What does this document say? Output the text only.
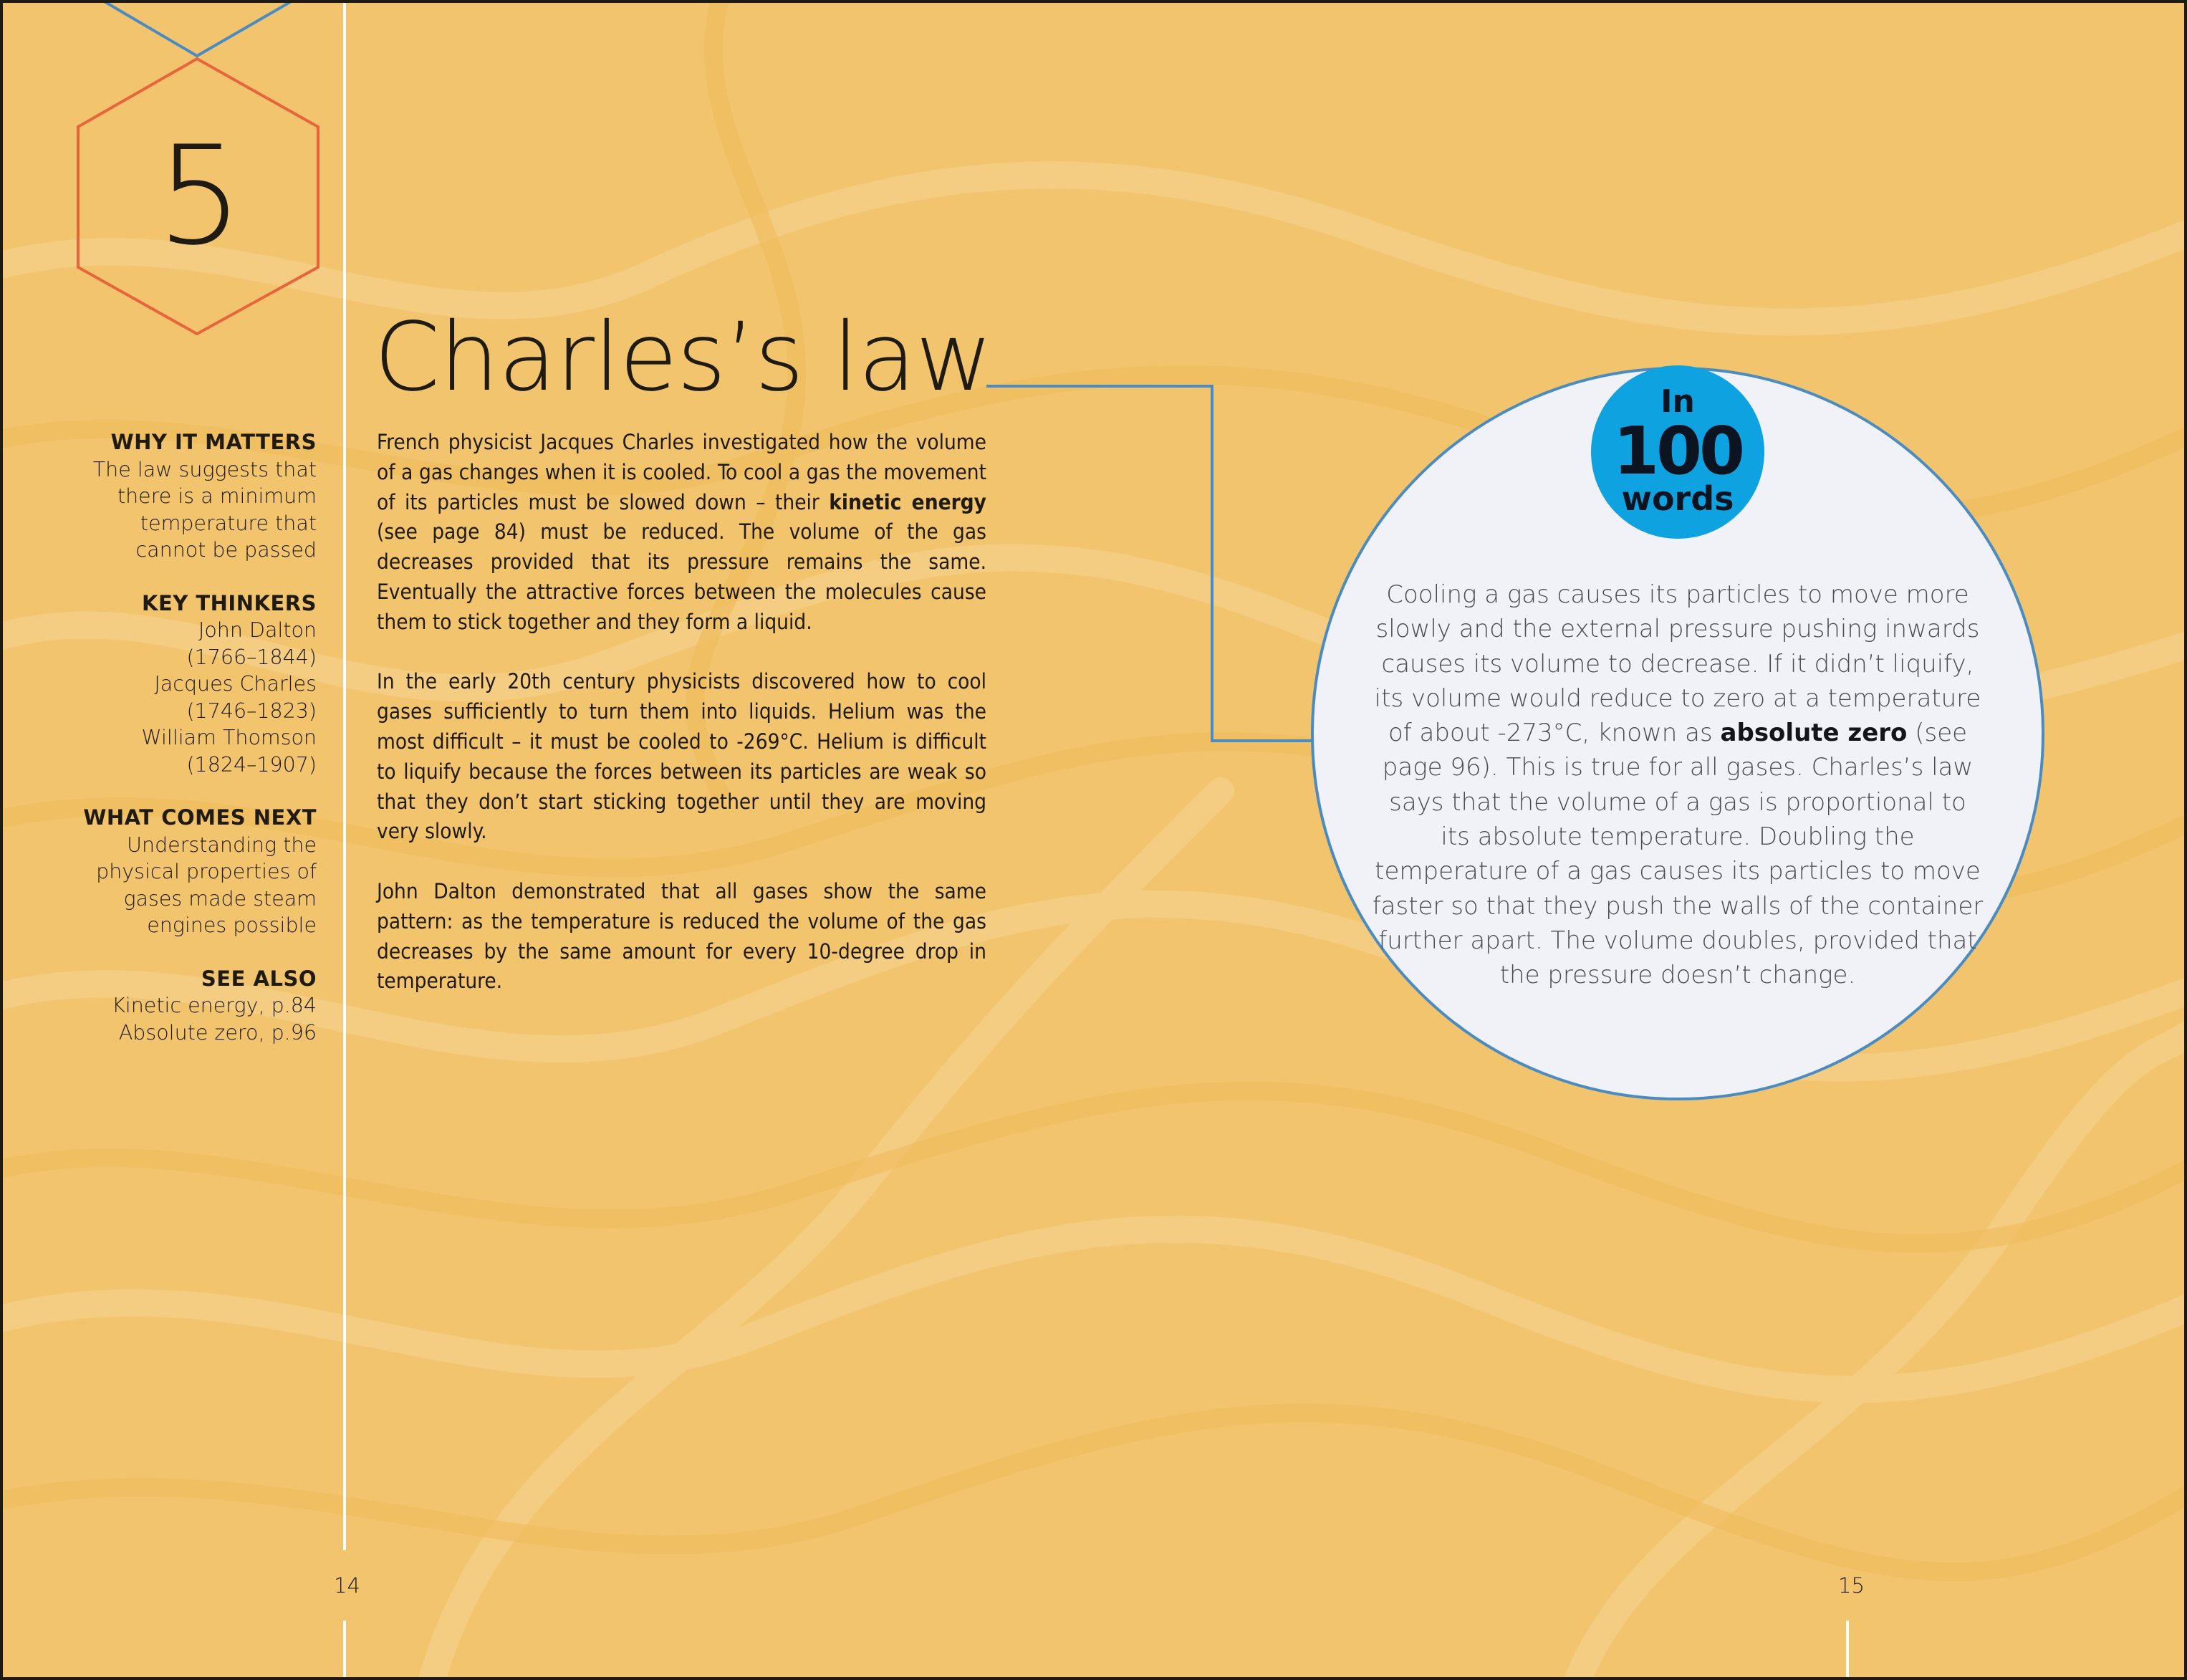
5
WHY IT MATTERS
The law suggests that
there is a minimum
temperature that
cannot be passed
KEY THINKERS
John Dalton
(1766–1844)
Jacques Charles
(1746–1823)
William Thomson
(1824–1907)
WHAT COMES NEXT
Understanding the
physical properties of
gases made steam
engines possible
SEE ALSO
Kinetic energy, p.84
Absolute zero, p.96
Charles’s law

French physicist Jacques Charles investigated how the volume of a gas changes when it is cooled. To cool a gas the movement of its particles must be slowed down – their kinetic energy (see page 84) must be reduced. The volume of the gas decreases provided that its pressure remains the same. Eventually the attractive forces between the molecules cause them to stick together and they form a liquid.

In the early 20th century physicists discovered how to cool gases sufficiently to turn them into liquids. Helium was the most difficult – it must be cooled to -269°C. Helium is difficult to liquify because the forces between its particles are weak so that they don’t start sticking together until they are moving very slowly.

John Dalton demonstrated that all gases show the same pattern: as the temperature is reduced the volume of the gas decreases by the same amount for every 10-degree drop in temperature.

In
100
words
Cooling a gas causes its particles to move more slowly and the external pressure pushing inwards causes its volume to decrease. If it didn’t liquify, its volume would reduce to zero at a temperature of about -273°C, known as absolute zero (see page 96). This is true for all gases. Charles’s law says that the volume of a gas is proportional to its absolute temperature. Doubling the temperature of a gas causes its particles to move faster so that they push the walls of the container further apart. The volume doubles, provided that the pressure doesn’t change.
14	15
